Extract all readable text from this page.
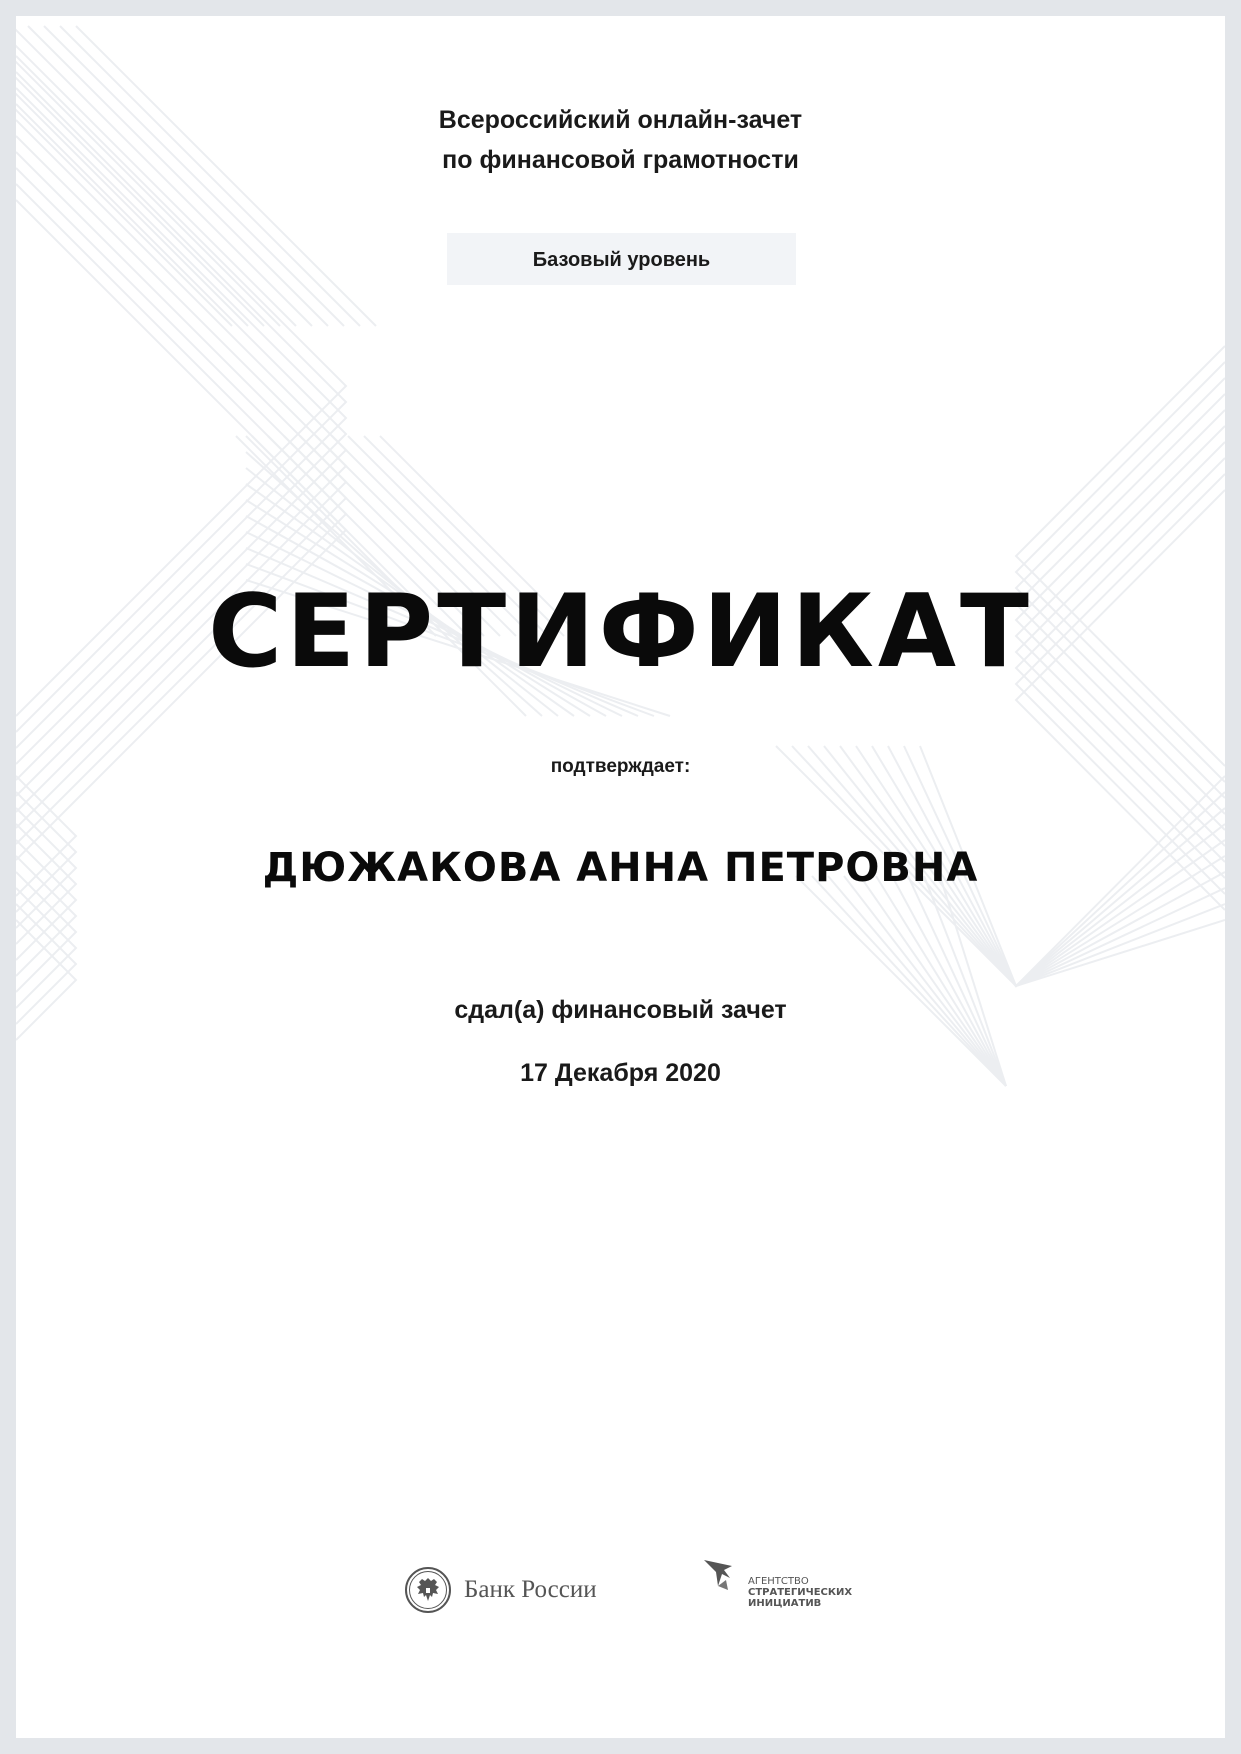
Всероссийский онлайн-зачет
по финансовой грамотности
Базовый уровень
СЕРТИФИКАТ
подтверждает:
ДЮЖАКОВА АННА ПЕТРОВНА
сдал(а) финансовый зачет
17 Декабря 2020
Банк России	АГЕНТСТВО
СТРАТЕГИЧЕСКИХ
ИНИЦИАТИВ
